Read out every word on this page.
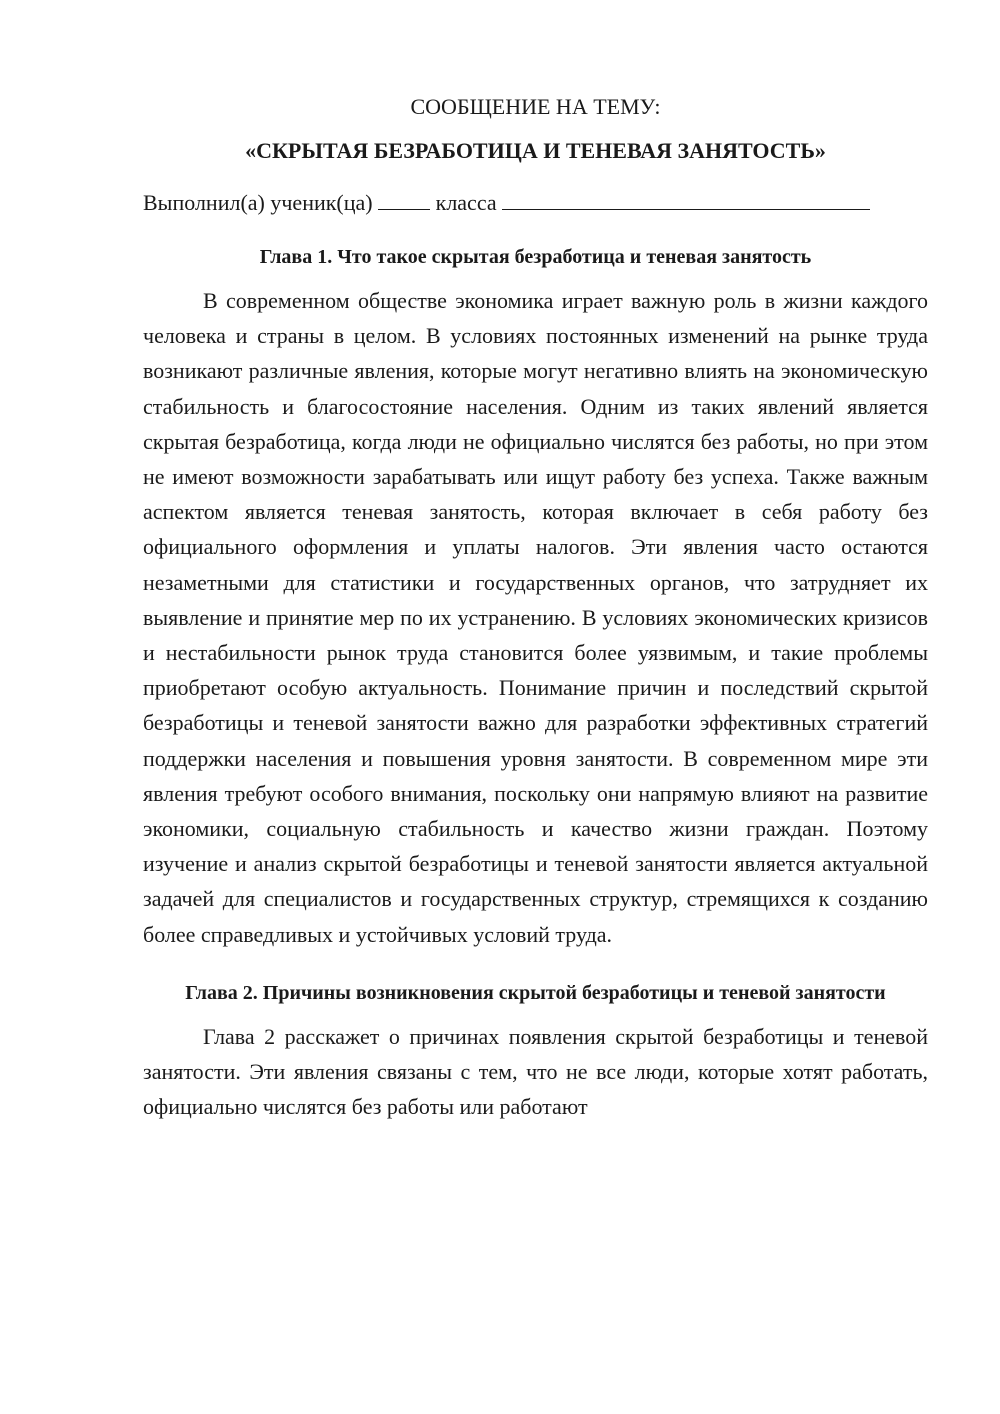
СООБЩЕНИЕ НА ТЕМУ:

«СКРЫТАЯ БЕЗРАБОТИЦА И ТЕНЕВАЯ ЗАНЯТОСТЬ»

Выполнил(а) ученик(ца)	класса

Глава 1. Что такое скрытая безработица и теневая занятость

В современном обществе экономика играет важную роль в жизни каждого человека и страны в целом. В условиях постоянных изменений на рынке труда возникают различные явления, которые могут негативно влиять на экономическую стабильность и благосостояние населения. Одним из таких явлений является скрытая безработица, когда люди не официально числятся без работы, но при этом не имеют возможности зарабатывать или ищут работу без успеха. Также важным аспектом является теневая занятость, которая включает в себя работу без официального оформления и уплаты налогов. Эти явления часто остаются незаметными для статистики и государственных органов, что затрудняет их выявление и принятие мер по их устранению. В условиях экономических кризисов и нестабильности рынок труда становится более уязвимым, и такие проблемы приобретают особую актуальность. Понимание причин и последствий скрытой безработицы и теневой занятости важно для разработки эффективных стратегий поддержки населения и повышения уровня занятости. В современном мире эти явления требуют особого внимания, поскольку они напрямую влияют на развитие экономики, социальную стабильность и качество жизни граждан. Поэтому изучение и анализ скрытой безработицы и теневой занятости является актуальной задачей для специалистов и государственных структур, стремящихся к созданию более справедливых и устойчивых условий труда.

Глава 2. Причины возникновения скрытой безработицы и теневой занятости

Глава 2 расскажет о причинах появления скрытой безработицы и теневой занятости. Эти явления связаны с тем, что не все люди, которые хотят работать, официально числятся без работы или работают
